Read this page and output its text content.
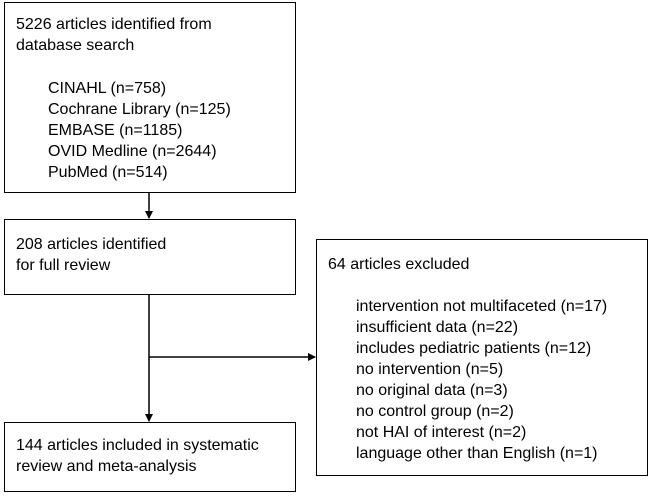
5226 articles identified from
database search
CINAHL (n=758)
Cochrane Library (n=125)
EMBASE (n=1185)
OVID Medline (n=2644)
PubMed (n=514)
208 articles identified
for full review	64 articles excluded
intervention not multifaceted (n=17)
insufficient data (n=22)
includes pediatric patients (n=12)
no intervention (n=5)
no original data (n=3)
no control group (n=2)
not HAI of interest (n=2)
language other than English (n=1)
144 articles included in systematic
review and meta-analysis
